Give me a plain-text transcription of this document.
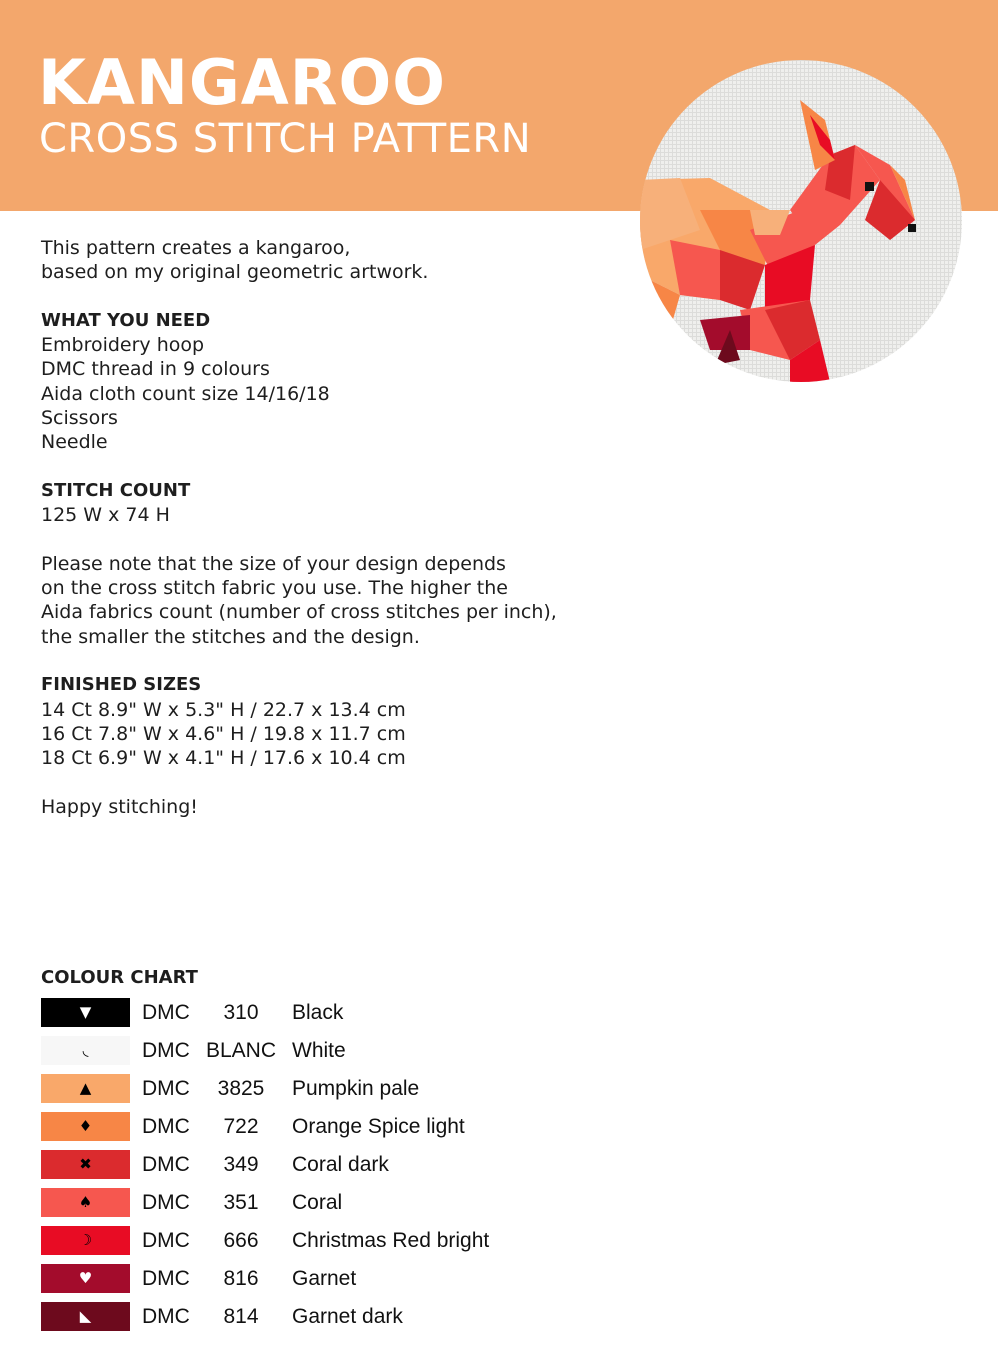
KANGAROO
CROSS STITCH PATTERN
This pattern creates a kangaroo,
based on my original geometric artwork.
WHAT YOU NEED
Embroidery hoop
DMC thread in 9 colours
Aida cloth count size 14/16/18
Scissors
Needle
STITCH COUNT
125 W x 74 H
Please note that the size of your design depends
on the cross stitch fabric you use. The higher the
Aida fabrics count (number of cross stitches per inch),
the smaller the stitches and the design.
FINISHED SIZES
14 Ct 8.9" W x 5.3" H / 22.7 x 13.4 cm
16 Ct 7.8" W x 4.6" H / 19.8 x 11.7 cm
18 Ct 6.9" W x 4.1" H / 17.6 x 10.4 cm
Happy stitching!
COLOUR CHART
▼ DMC	310	Black
◟	DMC BLANC White
▲ DMC	3825	Pumpkin pale
♦ DMC	722	Orange Spice light
✖ DMC	349	Coral dark
♠ DMC	351	Coral
☽ DMC	666	Christmas Red bright
♥ DMC	816	Garnet
◣ DMC	814	Garnet dark
